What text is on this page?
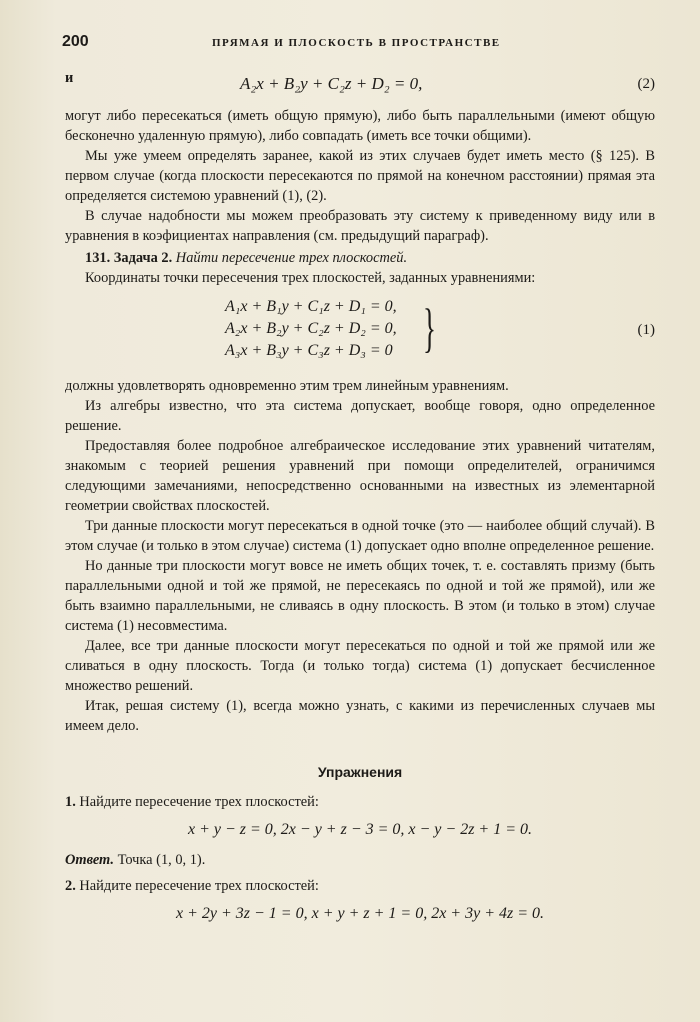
200	ПРЯМАЯ И ПЛОСКОСТЬ В ПРОСТРАНСТВЕ
и	A₂x + B₂y + C₂z + D₂ = 0,	(2)

могут либо пересекаться (иметь общую прямую), либо быть параллельными (имеют общую бесконечно удаленную прямую), либо совпадать (иметь все точки общими).

Мы уже умеем определять заранее, какой из этих случаев будет иметь место (§ 125). В первом случае (когда плоскости пересекаются по прямой на конечном расстоянии) прямая эта определяется системою уравнений (1), (2).

В случае надобности мы можем преобразовать эту систему к приведенному виду или в уравнения в коэфициентах направления (см. предыдущий параграф).

131. Задача 2. Найти пересечение трех плоскостей.

Координаты точки пересечения трех плоскостей, заданных уравнениями:

A₁x + B₁y + C₁z + D₁ = 0,
A₂x + B₂y + C₂z + D₂ = 0,
A₃x + B₃y + C₃z + D₃ = 0 }	(1)

должны удовлетворять одновременно этим трем линейным уравнениям.

Из алгебры известно, что эта система допускает, вообще говоря, одно определенное решение.

Предоставляя более подробное алгебраическое исследование этих уравнений читателям, знакомым с теорией решения уравнений при помощи определителей, ограничимся следующими замечаниями, непосредственно основанными на известных из элементарной геометрии свойствах плоскостей.

Три данные плоскости могут пересекаться в одной точке (это — наиболее общий случай). В этом случае (и только в этом случае) система (1) допускает одно вполне определенное решение.

Но данные три плоскости могут вовсе не иметь общих точек, т. е. составлять призму (быть параллельными одной и той же прямой, не пересекаясь по одной и той же прямой), или же быть взаимно параллельными, не сливаясь в одну плоскость. В этом (и только в этом) случае система (1) несовместима.

Далее, все три данные плоскости могут пересекаться по одной и той же прямой или же сливаться в одну плоскость. Тогда (и только тогда) система (1) допускает бесчисленное множество решений.

Итак, решая систему (1), всегда можно узнать, с какими из перечисленных случаев мы имеем дело.

Упражнения

1. Найдите пересечение трех плоскостей:

x + y − z = 0, 2x − y + z − 3 = 0, x − y − 2z + 1 = 0.

Ответ. Точка (1, 0, 1).

2. Найдите пересечение трех плоскостей:

x + 2y + 3z − 1 = 0, x + y + z + 1 = 0, 2x + 3y + 4z = 0.
